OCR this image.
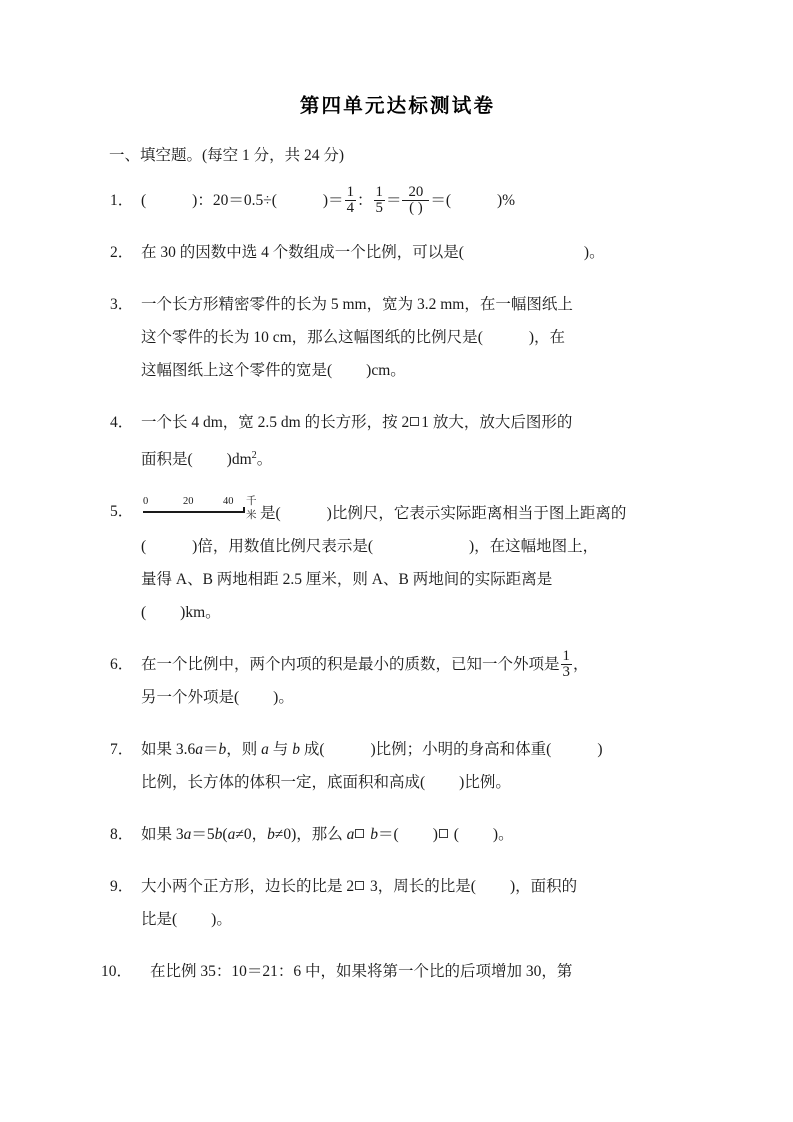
第四单元达标测试卷
一、填空题。(每空 1 分，共 24 分)
1． (	)：20＝0.5÷(	)＝ $\frac{1}{4}$ ： $\frac{1}{5} = \frac{20}{( )}$ ＝(	)%
2． 在 30 的因数中选 4 个数组成一个比例，可以是(	)。
3． 一个长方形精密零件的长为 5 mm，宽为 3.2 mm，在一幅图纸上
这个零件的长为 10 cm，那么这幅图纸的比例尺是(	)，在
这幅图纸上这个零件的宽是( )cm。
4． 一个长 4 dm，宽 2.5 dm 的长方形，按 2 1 放大，放大后图形的
面积是( )$dm^2$。
5．
0	20	40 千米 是(	)比例尺，它表示实际距离相当于图上距离的
(	)倍，用数值比例尺表示是(	)，在这幅地图上，
量得 A、B 两地相距 2.5 厘米，则 A、B 两地间的实际距离是
( )km。
6． 在一个比例中，两个内项的积是最小的质数，已知一个外项是 $\frac{1}{3}$ ，
另一个外项是( )。
7． 如果 3.6a＝b，则 a 与 b 成(	)比例；小明的身高和体重(	)
比例，长方体的体积一定，底面积和高成( )比例。
8． 如果 3a＝5b(a≠0，b≠0)，那么 a b＝( ) ( )。
9． 大小两个正方形，边长的比是 2 3，周长的比是( )，面积的
比是( )。
10．	在比例 35：10＝21：6 中，如果将第一个比的后项增加 30，第
